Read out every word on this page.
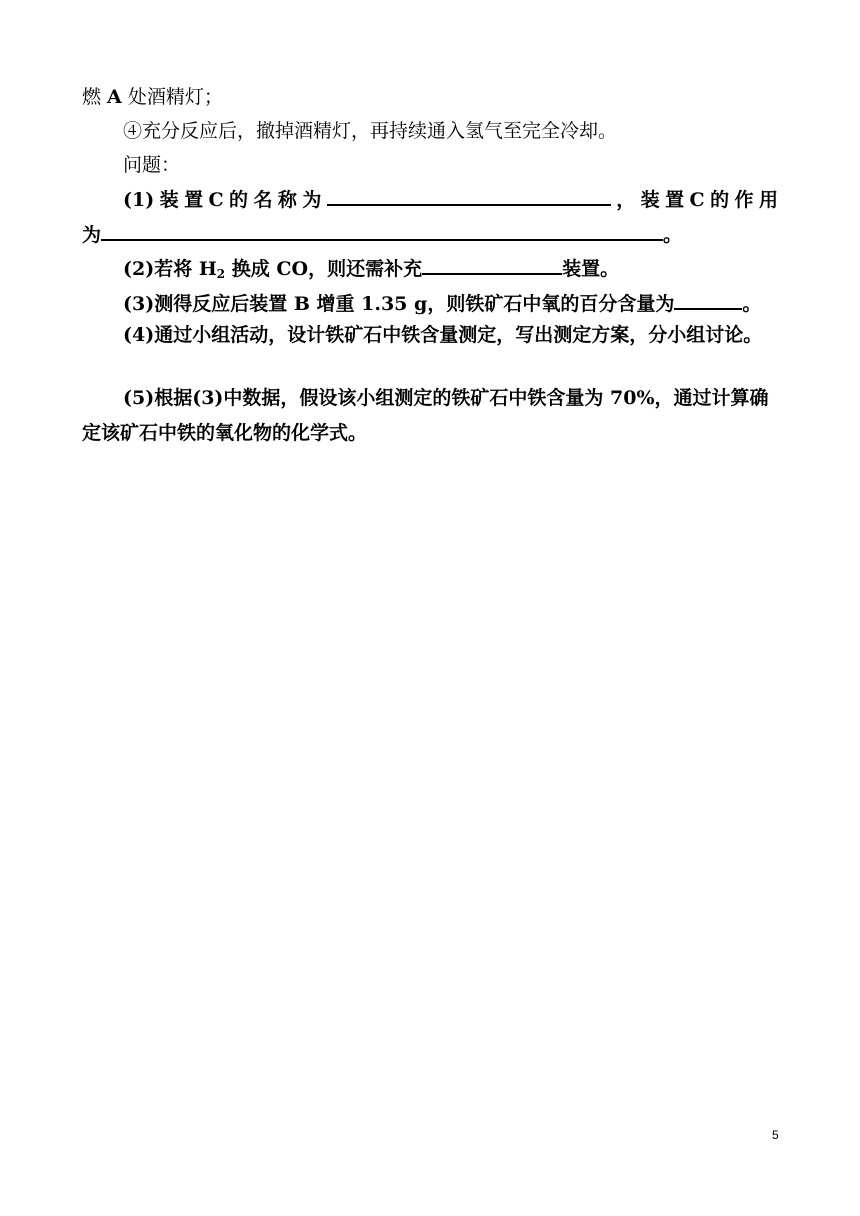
燃 A 处酒精灯；
④充分反应后，撤掉酒精灯，再持续通入氢气至完全冷却。
问题：
(1) 装 置 C 的 名 称 为	， 装 置 C 的 作 用
为	。
(2)若将 $H_2$ 换成 CO，则还需补充	装置。
(3)测得反应后装置 B 增重 1.35 g，则铁矿石中氧的百分含量为	。
(4)通过小组活动，设计铁矿石中铁含量测定，写出测定方案，分小组讨论。
(5)根据(3)中数据，假设该小组测定的铁矿石中铁含量为 70%，通过计算确
定该矿石中铁的氧化物的化学式。
5
